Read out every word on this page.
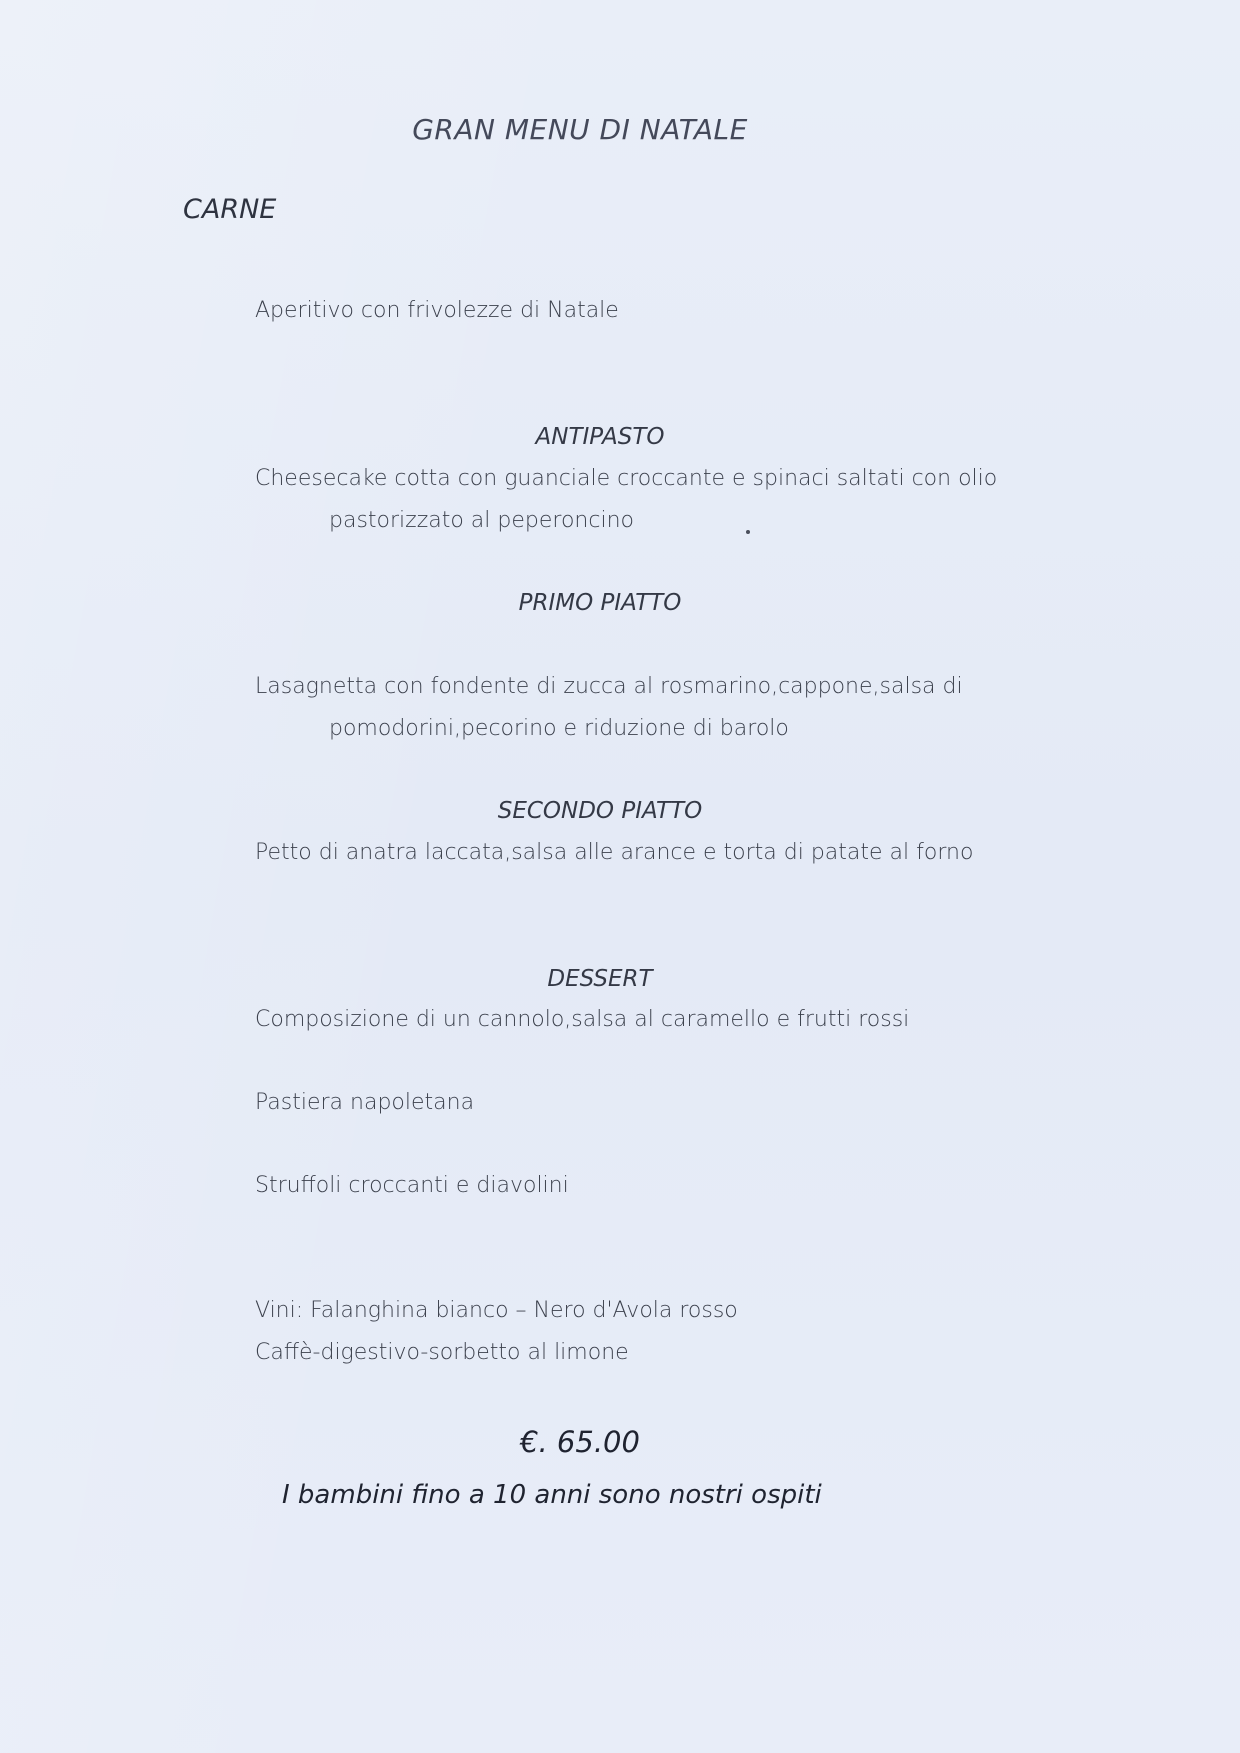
GRAN MENU DI NATALE
CARNE
Aperitivo con frivolezze di Natale
ANTIPASTO
Cheesecake cotta con guanciale croccante e spinaci saltati con olio
pastorizzato al peperoncino
PRIMO PIATTO
Lasagnetta con fondente di zucca al rosmarino,cappone,salsa di
pomodorini,pecorino e riduzione di barolo
SECONDO PIATTO
Petto di anatra laccata,salsa alle arance e torta di patate al forno
DESSERT
Composizione di un cannolo,salsa al caramello e frutti rossi
Pastiera napoletana
Struffoli croccanti e diavolini
Vini: Falanghina bianco – Nero d'Avola rosso
Caffè-digestivo-sorbetto al limone
€. 65.00
I bambini fino a 10 anni sono nostri ospiti
